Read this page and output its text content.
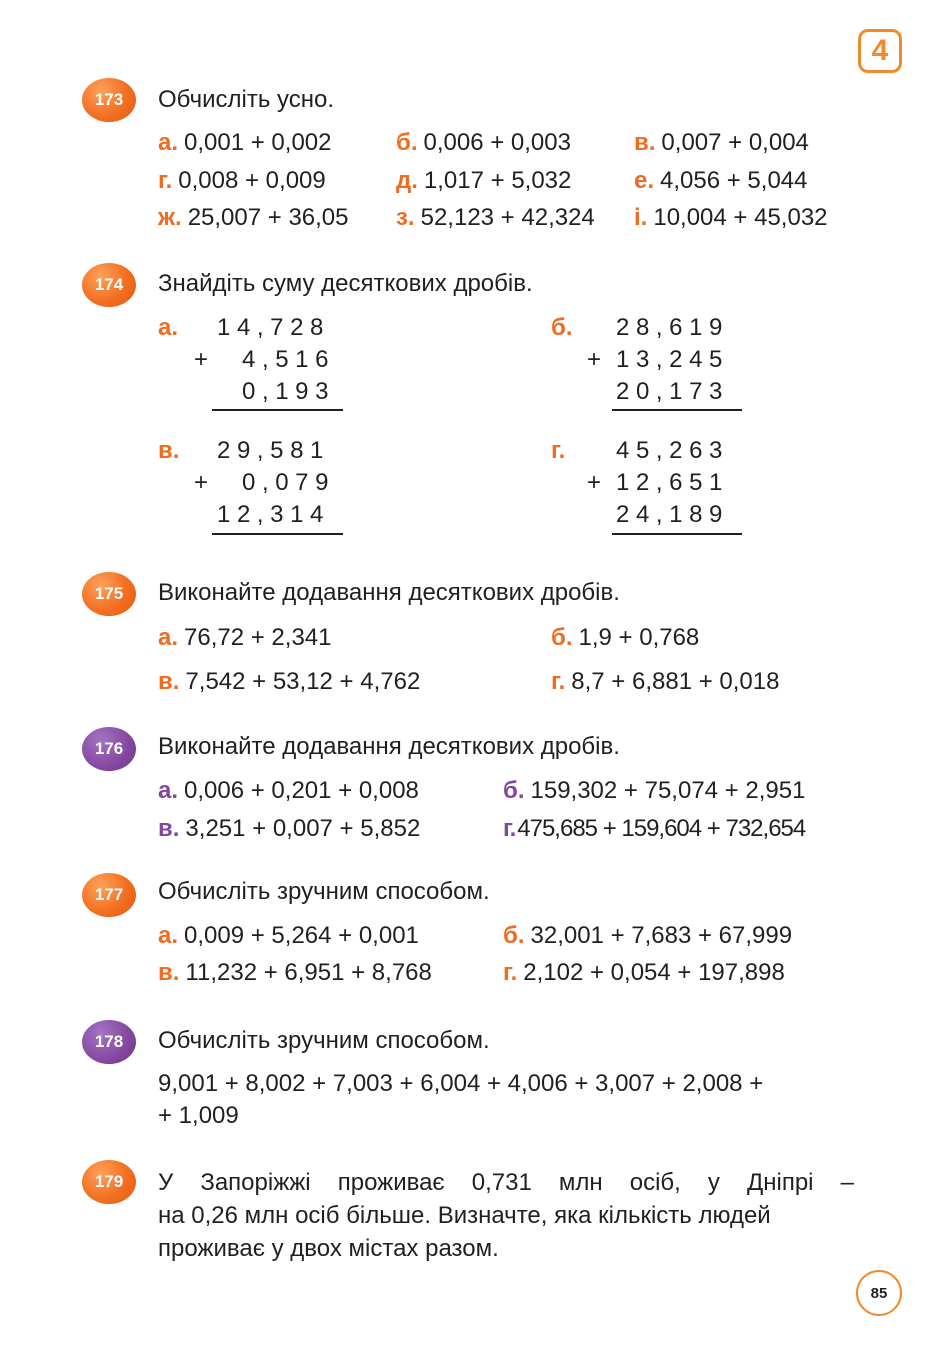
4
173	Обчисліть усно.
а. 0,001 + 0,002	б. 0,006 + 0,003	в. 0,007 + 0,004
г. 0,008 + 0,009	д. 1,017 + 5,032	е. 4,056 + 5,044
ж. 25,007 + 36,05 з. 52,123 + 42,324 і. 10,004 + 45,032
174	Знайдіть суму десяткових дробів.
а. 14,728
+ 4,516
0,193
б. 28,619
+ 13,245
20,173
в. 29,581
+ 0,079
12,314
г. 45,263
+ 12,651
24,189
175	Виконайте додавання десяткових дробів.
а. 76,72 + 2,341	б. 1,9 + 0,768
в. 7,542 + 53,12 + 4,762	г. 8,7 + 6,881 + 0,018
176	Виконайте додавання десяткових дробів.
а. 0,006 + 0,201 + 0,008	б. 159,302 + 75,074 + 2,951
в. 3,251 + 0,007 + 5,852	г.475,685 + 159,604 + 732,654
177	Обчисліть зручним способом.
а. 0,009 + 5,264 + 0,001	б. 32,001 + 7,683 + 67,999
в. 11,232 + 6,951 + 8,768	г. 2,102 + 0,054 + 197,898
178	Обчисліть зручним способом.
9,001 + 8,002 + 7,003 + 6,004 + 4,006 + 3,007 + 2,008 +
+ 1,009
179	У Запоріжжі проживає 0,731 млн осіб, у Дніпрі –
на 0,26 млн осіб більше. Визначте, яка кількість людей
проживає у двох містах разом.
85
